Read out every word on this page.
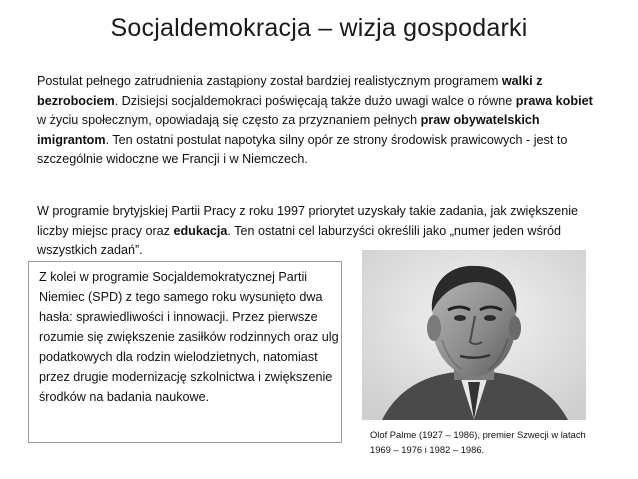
Socjaldemokracja – wizja gospodarki
Postulat pełnego zatrudnienia zastąpiony został bardziej realistycznym programem walki z bezrobociem. Dzisiejsi socjaldemokraci poświęcają także dużo uwagi walce o równe prawa kobiet w życiu społecznym, opowiadają się często za przyznaniem pełnych praw obywatelskich imigrantom. Ten ostatni postulat napotyka silny opór ze strony środowisk prawicowych - jest to szczególnie widoczne we Francji i w Niemczech.
W programie brytyjskiej Partii Pracy z roku 1997 priorytet uzyskały takie zadania, jak zwiększenie liczby miejsc pracy oraz edukacja. Ten ostatni cel laburzyści określili jako „numer jeden wśród wszystkich zadań”.
Z kolei w programie Socjaldemokratycznej Partii Niemiec (SPD) z tego samego roku wysunięto dwa hasła: sprawiedliwości i innowacji. Przez pierwsze rozumie się zwiększenie zasiłków rodzinnych oraz ulg podatkowych dla rodzin wielodzietnych, natomiast przez drugie modernizację szkolnictwa i zwiększenie środków na badania naukowe.
Olof Palme (1927 – 1986), premier Szwecji w latach 1969 – 1976 i 1982 – 1986.
